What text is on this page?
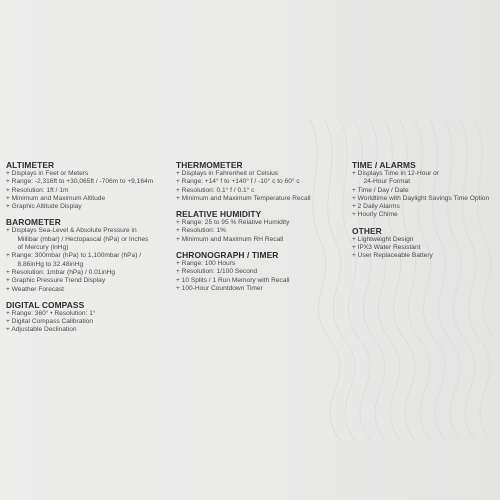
ALTIMETER
+ Displays in Feet or Meters
+ Range: -2,316ft to +30,065ft / -706m to +9,164m
+ Resolution: 1ft / 1m
+ Minimum and Maximum Altitude
+ Graphic Altitude Display
BAROMETER
+ Displays Sea-Level & Absolute Pressure in
Millibar (mbar) / Hectopascal (hPa) or Inches
of Mercury (inHg)
+ Range: 300mbar (hPa) to 1,100mbar (hPa) /
8.86inHg to 32.48inHg
+ Resolution: 1mbar (hPa) / 0.01inHg
+ Graphic Pressure Trend Display
+ Weather Forecast
DIGITAL COMPASS
+ Range: 360° • Resolution: 1°
+ Digital Compass Calibration
+ Adjustable Declination
THERMOMETER
+ Displays in Fahrenheit or Celsius
+ Range: +14° f to +140° f / -10° c to 60° c
+ Resolution: 0.1° f / 0.1° c
+ Minimum and Maximum Temperature Recall
RELATIVE HUMIDITY
+ Range: 25 to 95 % Relative Humidity
+ Resolution: 1%
+ Minimum and Maximum RH Recall
CHRONOGRAPH / TIMER
+ Range: 100 Hours
+ Resolution: 1/100 Second
+ 10 Splits / 1 Run Memory with Recall
+ 100-Hour Countdown Timer
TIME / ALARMS
+ Displays Time in 12-Hour or
24-Hour Format
+ Time / Day / Date
+ Worldtime with Daylight Savings Time Option
+ 2 Daily Alarms
+ Hourly Chime
OTHER
+ Lightweight Design
+ IPX3 Water Resistant
+ User Replaceable Battery
